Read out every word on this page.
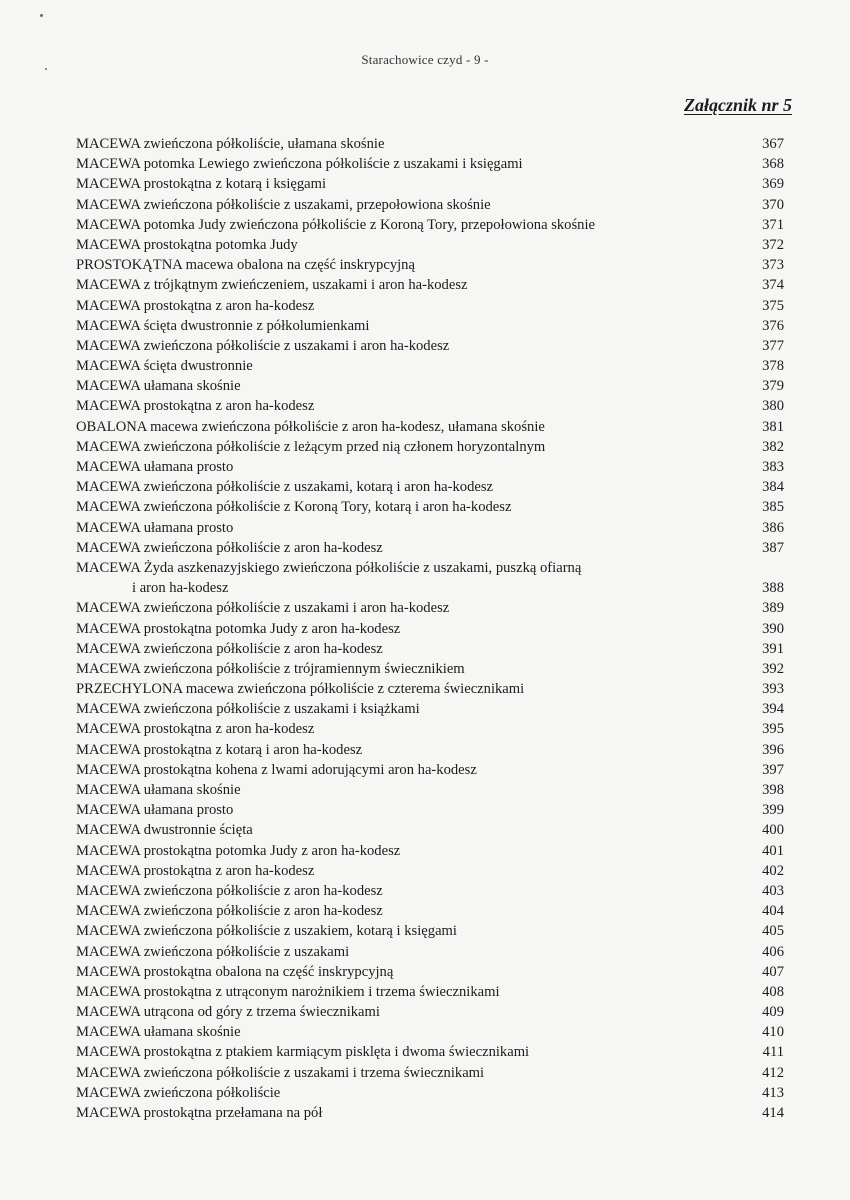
Starachowice czyd - 9 -
Załącznik nr 5
MACEWA zwieńczona półkoliście, ułamana skośnie	367
MACEWA potomka Lewiego zwieńczona półkoliście z uszakami i księgami	368
MACEWA prostokątna z kotarą i księgami	369
MACEWA zwieńczona półkoliście z uszakami, przepołowiona skośnie	370
MACEWA potomka Judy zwieńczona półkoliście z Koroną Tory, przepołowiona skośnie	371
MACEWA prostokątna potomka Judy	372
PROSTOKĄTNA macewa obalona na część inskrypcyjną	373
MACEWA z trójkątnym zwieńczeniem, uszakami i aron ha-kodesz	374
MACEWA prostokątna z aron ha-kodesz	375
MACEWA ścięta dwustronnie z półkolumienkami	376
MACEWA zwieńczona półkoliście z uszakami i aron ha-kodesz	377
MACEWA ścięta dwustronnie	378
MACEWA ułamana skośnie	379
MACEWA prostokątna z aron ha-kodesz	380
OBALONA macewa zwieńczona półkoliście z aron ha-kodesz, ułamana skośnie	381
MACEWA zwieńczona półkoliście z leżącym przed nią członem horyzontalnym	382
MACEWA ułamana prosto	383
MACEWA zwieńczona półkoliście z uszakami, kotarą i aron ha-kodesz	384
MACEWA zwieńczona półkoliście z Koroną Tory, kotarą i aron ha-kodesz	385
MACEWA ułamana prosto	386
MACEWA zwieńczona półkoliście z aron ha-kodesz	387
MACEWA Żyda aszkenazyjskiego zwieńczona półkoliście z uszakami, puszką ofiarną
i aron ha-kodesz	388
MACEWA zwieńczona półkoliście z uszakami i aron ha-kodesz	389
MACEWA prostokątna potomka Judy z aron ha-kodesz	390
MACEWA zwieńczona półkoliście z aron ha-kodesz	391
MACEWA zwieńczona półkoliście z trójramiennym świecznikiem	392
PRZECHYLONA macewa zwieńczona półkoliście z czterema świecznikami	393
MACEWA zwieńczona półkoliście z uszakami i książkami	394
MACEWA prostokątna z aron ha-kodesz	395
MACEWA prostokątna z kotarą i aron ha-kodesz	396
MACEWA prostokątna kohena z lwami adorującymi aron ha-kodesz	397
MACEWA ułamana skośnie	398
MACEWA ułamana prosto	399
MACEWA dwustronnie ścięta	400
MACEWA prostokątna potomka Judy z aron ha-kodesz	401
MACEWA prostokątna z aron ha-kodesz	402
MACEWA zwieńczona półkoliście z aron ha-kodesz	403
MACEWA zwieńczona półkoliście z aron ha-kodesz	404
MACEWA zwieńczona półkoliście z uszakiem, kotarą i księgami	405
MACEWA zwieńczona półkoliście z uszakami	406
MACEWA prostokątna obalona na część inskrypcyjną	407
MACEWA prostokątna z utrąconym narożnikiem i trzema świecznikami	408
MACEWA utrącona od góry z trzema świecznikami	409
MACEWA ułamana skośnie	410
MACEWA prostokątna z ptakiem karmiącym pisklęta i dwoma świecznikami	411
MACEWA zwieńczona półkoliście z uszakami i trzema świecznikami	412
MACEWA zwieńczona półkoliście	413
MACEWA prostokątna przełamana na pół	414
